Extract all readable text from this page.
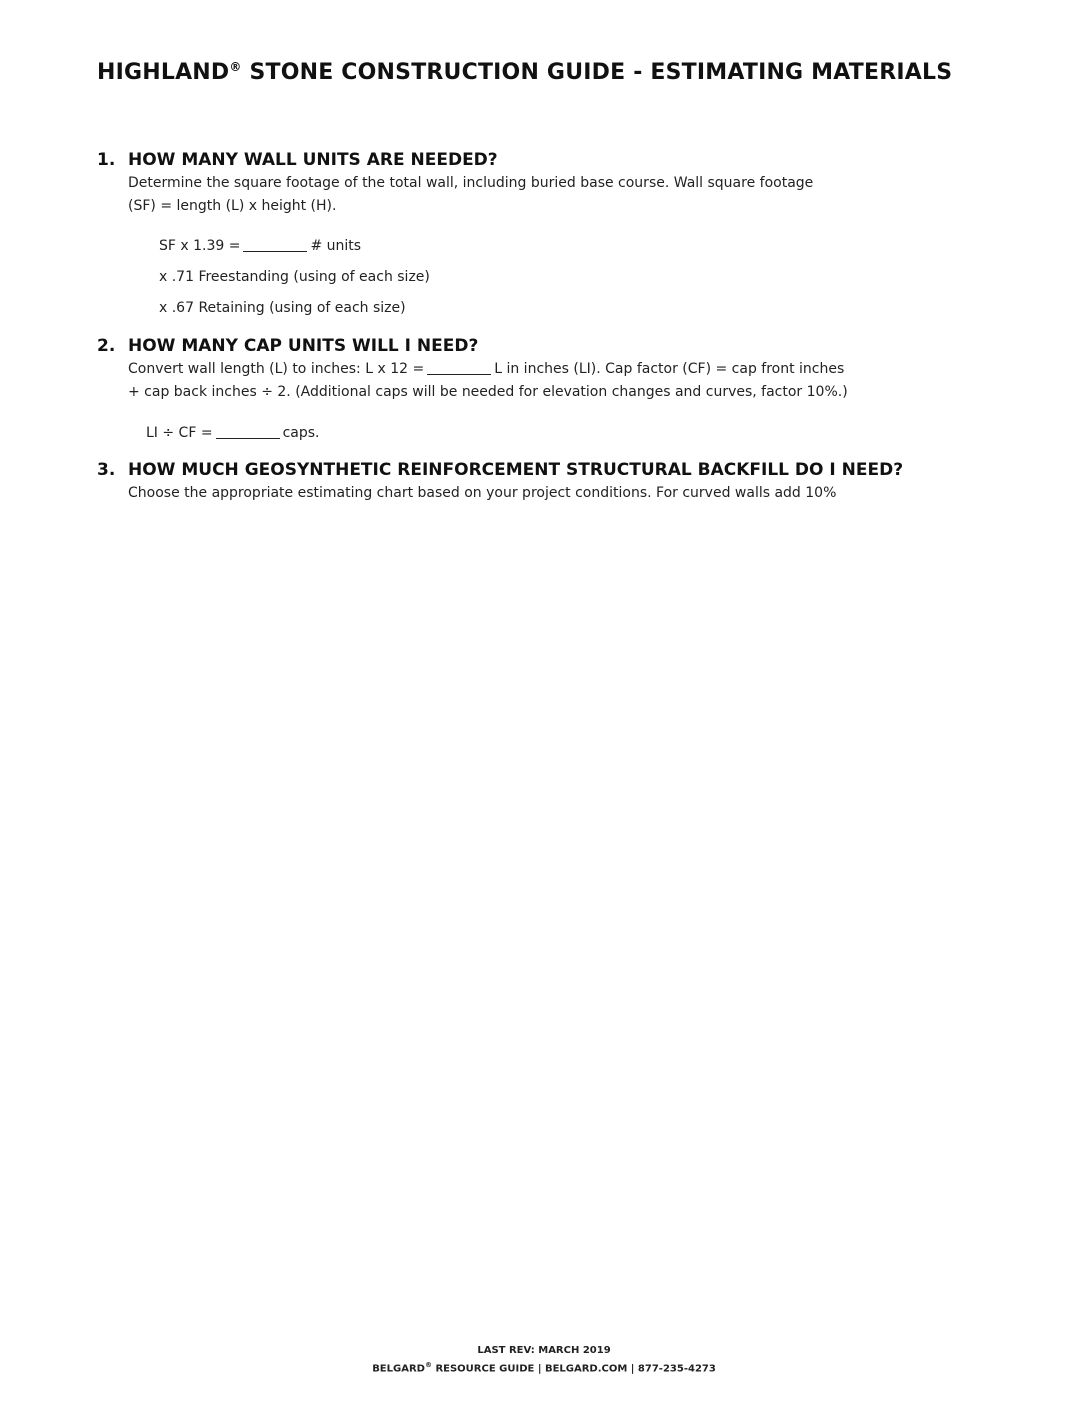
HIGHLAND® STONE CONSTRUCTION GUIDE - ESTIMATING MATERIALS
1. HOW MANY WALL UNITS ARE NEEDED?

Determine the square footage of the total wall, including buried base course. Wall square footage

(SF) = length (L) x height (H).

SF x 1.39 =	# units
x .71 Freestanding (using of each size)
x .67 Retaining (using of each size)
2. HOW MANY CAP UNITS WILL I NEED?

Convert wall length (L) to inches: L x 12 =	L in inches (LI). Cap factor (CF) = cap front inches

+ cap back inches ÷ 2. (Additional caps will be needed for elevation changes and curves, factor 10%.)

LI ÷ CF =	caps.
3. HOW MUCH GEOSYNTHETIC REINFORCEMENT STRUCTURAL BACKFILL DO I NEED?

Choose the appropriate estimating chart based on your project conditions. For curved walls add 10%

LAST REV: MARCH 2019
BELGARD® RESOURCE GUIDE | BELGARD.COM | 877-235-4273
